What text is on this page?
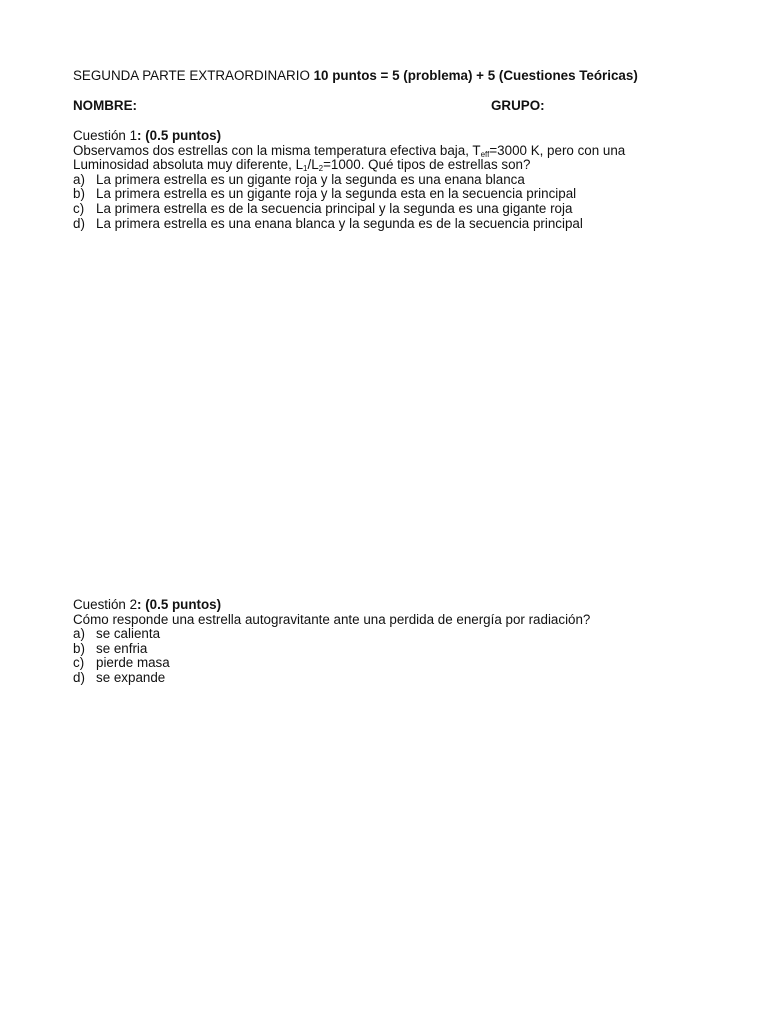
SEGUNDA PARTE EXTRAORDINARIO 10 puntos = 5 (problema) + 5 (Cuestiones Teóricas)
NOMBRE:	GRUPO:
Cuestión 1: (0.5 puntos)
Observamos dos estrellas con la misma temperatura efectiva baja, $T_{eff}=3000$ K, pero con una
Luminosidad absoluta muy diferente, $L_1/L_2=1000$. Qué tipos de estrellas son?
a) La primera estrella es un gigante roja y la segunda es una enana blanca
b) La primera estrella es un gigante roja y la segunda esta en la secuencia principal
c) La primera estrella es de la secuencia principal y la segunda es una gigante roja
d) La primera estrella es una enana blanca y la segunda es de la secuencia principal
Cuestión 2: (0.5 puntos)
Cómo responde una estrella autogravitante ante una perdida de energía por radiación?
a) se calienta
b) se enfria
c) pierde masa
d) se expande
